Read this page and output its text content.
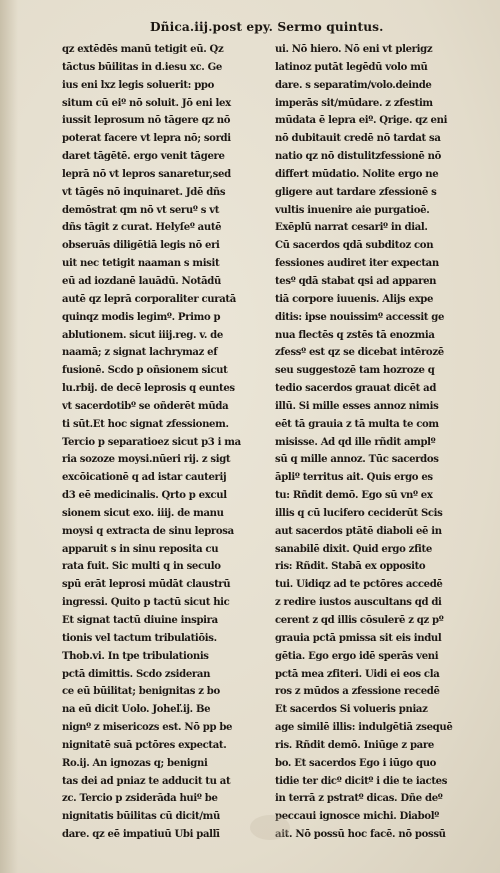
Dñica.iij.post epy. Sermo quintus.
qz extēdēs manū tetigit eū. Qz
tāctus būilitas in d.iesu xc. Ge
ius eni lxz legis soluerit: ppo
situm cū eiº nō soluit. Jō eni lex
iussit leprosum nō tāgere qz nō
poterat facere vt lepra nō; sordi
daret tāgētē. ergo venit tāgere
leprā nō vt lepros sanaretur,sed
vt tāgēs nō inquinaret. Jdē dñs
demōstrat qm nō vt seruº s vt
dñs tāgit z curat. Helyſeº autē
obseruās diligētiā legis nō eri
uit nec tetigit naaman s misit
eū ad iozdanē lauādū. Notādū
autē qz leprā corporaliter curatā
quinqz modis legimº. Primo p
ablutionem. sicut iiij.reg. v. de
naamā; z signat lachrymaz ef
fusionē. Scdo p oñsionem sicut
lu.rbij. de decē leprosis q euntes
vt sacerdotibº se oñderēt mūda
ti sūt.Et hoc signat zfessionem.
Tercio p separatioez sicut p3 i ma
ria sozoze moysi.nūeri rij. z sigt
excōicationē q ad istar cauterij
d3 eē medicinalis. Qrto p excul
sionem sicut exo. iiij. de manu
moysi q extracta de sinu leprosa
apparuit s in sinu reposita cu
rata fuit. Sic multi q in seculo
spū erāt leprosi mūdāt claustrū
ingressi. Quito p tactū sicut hic
Et signat tactū diuine inspira
tionis vel tactum tribulatiōis.
Thob.vi. In tpe tribulationis
pctā dimittis. Scdo zsideran
ce eū būilitat; benignitas z bo
na eū dicit Uolo. Joheľ.ij. Be
nignº z misericozs est. Nō pp be
nignitatē suā pctōres expectat.
Ro.ij. An ignozas q; benigni
tas dei ad pniaz te adducit tu at
zc. Tercio p zsiderāda huiº be
nignitatis būilitas cū dicit/mū
dare. qz eē impatiuū Ubi pallī
ui. Nō hiero. Nō eni vt plerigz
latinoz putāt legēdū volo mū
dare. s separatim/volo.deinde
imperās sit/mūdare. z zfestim
mūdata ē lepra eiº. Qrige. qz eni
nō dubitauit credē nō tardat sa
natio qz nō distulitzfessionē nō
differt mūdatio. Nolite ergo ne
gligere aut tardare zfessionē s
vultis inuenire aie purgatioē.
Exēplū narrat cesariº in dial.
Cū sacerdos qdā subditoz con
fessiones audiret iter expectan
tesº qdā stabat qsi ad apparen
tiā corpore iuuenis. Alijs expe
ditis: ipse nouissimº accessit ge
nua flectēs q zstēs tā enozmia
zfessº est qz se dicebat intērozē
seu suggestozē tam hozroze q
tedio sacerdos grauat dicēt ad
illū. Si mille esses annoz nimis
eēt tā grauia z tā multa te com
misisse. Ad qd ille rñdit amplº
sū q mille annoz. Tūc sacerdos
āpliº territus ait. Quis ergo es
tu: Rñdit demō. Ego sū vnº ex
illis q cū lucifero ceciderūt Scis
aut sacerdos ptātē diaboli eē in
sanabilē dixit. Quid ergo zfite
ris: Rñdit. Stabā ex opposito
tui. Uidiqz ad te pctōres accedē
z redire iustos auscultans qd di
cerent z qd illis cōsulerē z qz pº
grauia pctā pmissa sit eis indul
gētia. Ego ergo idē sperās veni
pctā mea zfiteri. Uidi ei eos cla
ros z mūdos a zfessione recedē
Et sacerdos Si volueris pniaz
age similē illis: indulgētiā zsequē
ris. Rñdit demō. Iniūge z pare
bo. Et sacerdos Ego i iūgo quo
tidie ter dicº dicitº i die te iactes
in terrā z pstratº dicas. Dñe deº
peccaui ignosce michi. Diabolº
ait. Nō possū hoc facē. nō possū
